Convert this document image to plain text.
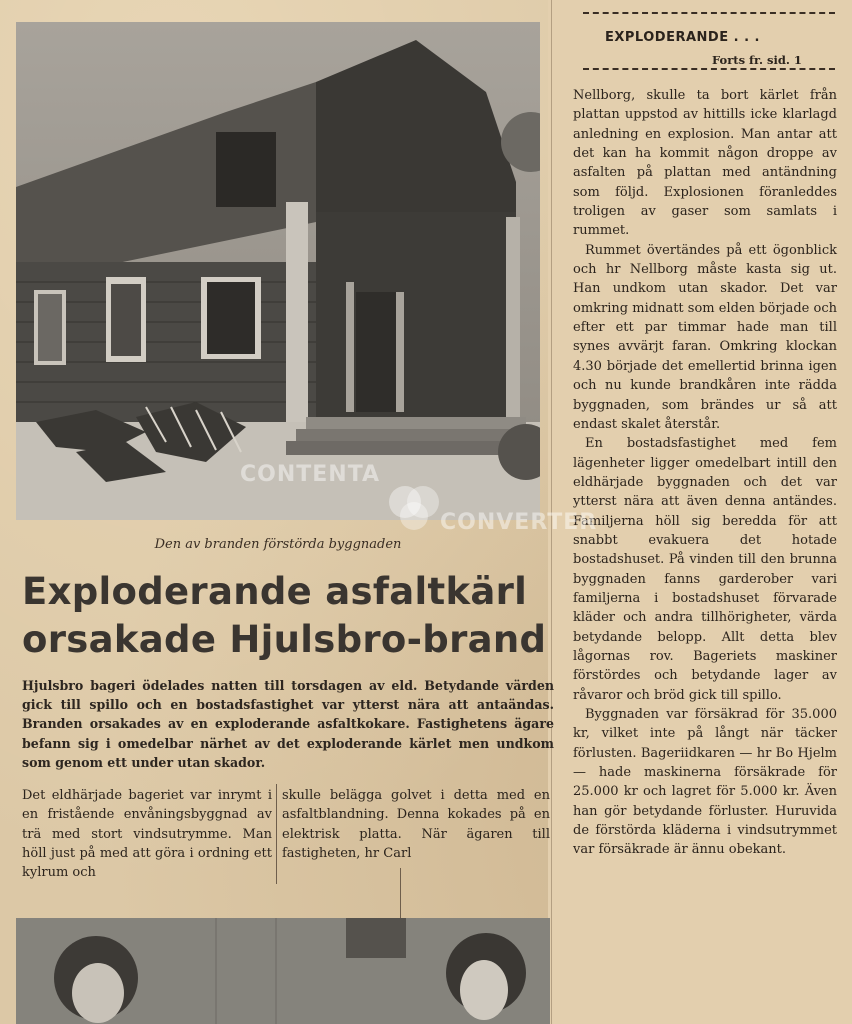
Den av branden förstörda byggnaden
Exploderande asfaltkärl
orsakade Hjulsbro-brand
Hjulsbro bageri ödelades natten till torsdagen av eld. Betydande värden gick till spillo och en bostadsfastighet var ytterst nära att antaändas. Branden orsakades av en exploderande asfaltkokare. Fastighetens ägare befann sig i omedelbar närhet av det exploderande kärlet men undkom som genom ett under utan skador.
Det eldhärjade bageriet var inrymt i en fristående envåningsbyggnad av trä med stort vindsutrymme. Man höll just på med att göra i ordning ett kylrum och
skulle belägga golvet i detta med en asfaltblandning. Denna kokades på en elektrisk platta. När ägaren till fastigheten, hr Carl
EXPLODERANDE . . .
Forts fr. sid. 1

Nellborg, skulle ta bort kärlet från plattan uppstod av hittills icke klarlagd anledning en explosion. Man antar att det kan ha kommit någon droppe av asfalten på plattan med antändning som följd. Explosionen föranleddes troligen av gaser som samlats i rummet.

Rummet övertändes på ett ögonblick och hr Nellborg måste kasta sig ut. Han undkom utan skador. Det var omkring midnatt som elden började och efter ett par timmar hade man till synes avvärjt faran. Omkring klockan 4.30 började det emellertid brinna igen och nu kunde brandkåren inte rädda byggnaden, som brändes ur så att endast skalet återstår.

En bostadsfastighet med fem lägenheter ligger omedelbart intill den eldhärjade byggnaden och det var ytterst nära att även denna antändes. Familjerna höll sig beredda för att snabbt evakuera det hotade bostadshuset. På vinden till den brunna byggnaden fanns garderober vari familjerna i bostadshuset förvarade kläder och andra tillhörigheter, värda betydande belopp. Allt detta blev lågornas rov. Bageriets maskiner förstördes och betydande lager av råvaror och bröd gick till spillo.

Byggnaden var försäkrad för 35.000 kr, vilket inte på långt när täcker förlusten. Bageriidkaren — hr Bo Hjelm — hade maskinerna försäkrade för 25.000 kr och lagret för 5.000 kr. Även han gör betydande förluster. Huruvida de förstörda kläderna i vindsutrymmet var försäkrade är ännu obekant.

CONTENTA
CONVERTER
